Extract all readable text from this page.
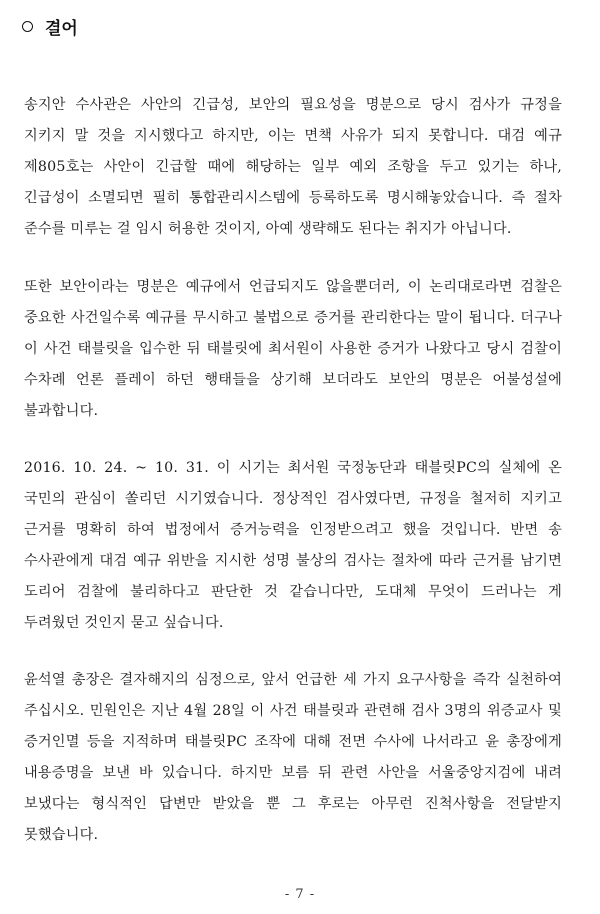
결어

송지안 수사관은 사안의 긴급성, 보안의 필요성을 명분으로 당시 검사가 규정을 지키지 말 것을 지시했다고 하지만, 이는 면책 사유가 되지 못합니다. 대검 예규 제805호는 사안이 긴급할 때에 해당하는 일부 예외 조항을 두고 있기는 하나, 긴급성이 소멸되면 필히 통합관리시스템에 등록하도록 명시해놓았습니다. 즉 절차 준수를 미루는 걸 임시 허용한 것이지, 아예 생략해도 된다는 취지가 아닙니다.

또한 보안이라는 명분은 예규에서 언급되지도 않을뿐더러, 이 논리대로라면 검찰은 중요한 사건일수록 예규를 무시하고 불법으로 증거를 관리한다는 말이 됩니다. 더구나 이 사건 태블릿을 입수한 뒤 태블릿에 최서원이 사용한 증거가 나왔다고 당시 검찰이 수차례 언론 플레이 하던 행태들을 상기해 보더라도 보안의 명분은 어불성설에 불과합니다.

2016. 10. 24. ~ 10. 31. 이 시기는 최서원 국정농단과 태블릿PC의 실체에 온 국민의 관심이 쏠리던 시기였습니다. 정상적인 검사였다면, 규정을 철저히 지키고 근거를 명확히 하여 법정에서 증거능력을 인정받으려고 했을 것입니다. 반면 송 수사관에게 대검 예규 위반을 지시한 성명 불상의 검사는 절차에 따라 근거를 남기면 도리어 검찰에 불리하다고 판단한 것 같습니다만, 도대체 무엇이 드러나는 게 두려웠던 것인지 묻고 싶습니다.

윤석열 총장은 결자해지의 심정으로, 앞서 언급한 세 가지 요구사항을 즉각 실천하여 주십시오. 민원인은 지난 4월 28일 이 사건 태블릿과 관련해 검사 3명의 위증교사 및 증거인멸 등을 지적하며 태블릿PC 조작에 대해 전면 수사에 나서라고 윤 총장에게 내용증명을 보낸 바 있습니다. 하지만 보름 뒤 관련 사안을 서울중앙지검에 내려 보냈다는 형식적인 답변만 받았을 뿐 그 후로는 아무런 진척사항을 전달받지 못했습니다.

- 7 -
